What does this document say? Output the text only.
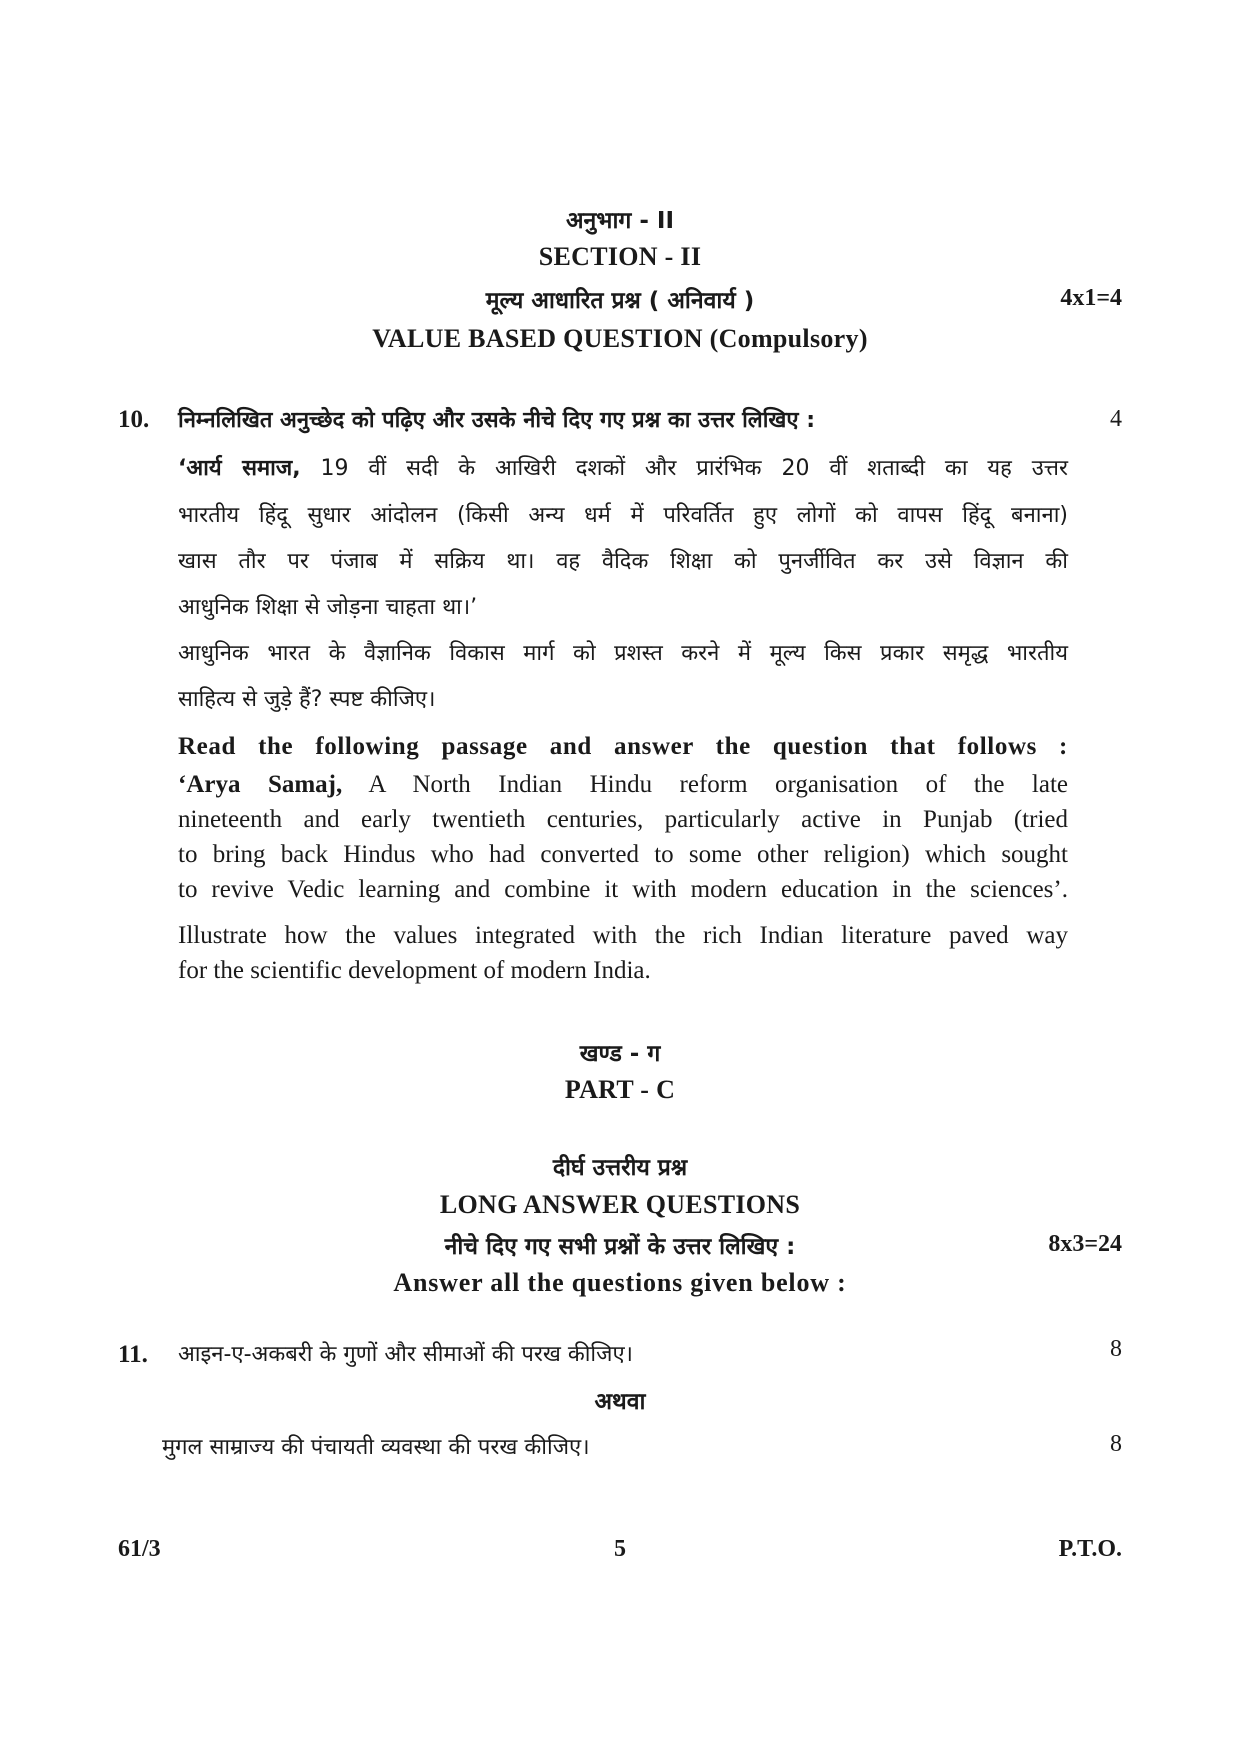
अनुभाग - II
SECTION - II
मूल्य आधारित प्रश्न ( अनिवार्य )	4x1=4
VALUE BASED QUESTION (Compulsory)
10. निम्नलिखित अनुच्छेद को पढ़िए और उसके नीचे दिए गए प्रश्न का उत्तर लिखिए :	4
‘आर्य समाज, 19 वीं सदी के आखिरी दशकों और प्रारंभिक 20 वीं शताब्दी का यह उत्तर
भारतीय हिंदू सुधार आंदोलन (किसी अन्य धर्म में परिवर्तित हुए लोगों को वापस हिंदू बनाना)
खास तौर पर पंजाब में सक्रिय था। वह वैदिक शिक्षा को पुनर्जीवित कर उसे विज्ञान की
आधुनिक शिक्षा से जोड़ना चाहता था।’
आधुनिक भारत के वैज्ञानिक विकास मार्ग को प्रशस्त करने में मूल्य किस प्रकार समृद्ध भारतीय
साहित्य से जुड़े हैं? स्पष्ट कीजिए।
Read the following passage and answer the question that follows :
‘Arya Samaj, A North Indian Hindu reform organisation of the late
nineteenth and early twentieth centuries, particularly active in Punjab (tried
to bring back Hindus who had converted to some other religion) which sought
to revive Vedic learning and combine it with modern education in the sciences’.
Illustrate how the values integrated with the rich Indian literature paved way
for the scientific development of modern India.
खण्ड - ग
PART - C
दीर्घ उत्तरीय प्रश्न
LONG ANSWER QUESTIONS
नीचे दिए गए सभी प्रश्नों के उत्तर लिखिए :	8x3=24
Answer all the questions given below :
11. आइन-ए-अकबरी के गुणों और सीमाओं की परख कीजिए।	8
अथवा
मुगल साम्राज्य की पंचायती व्यवस्था की परख कीजिए।	8
61/3	5	P.T.O.
